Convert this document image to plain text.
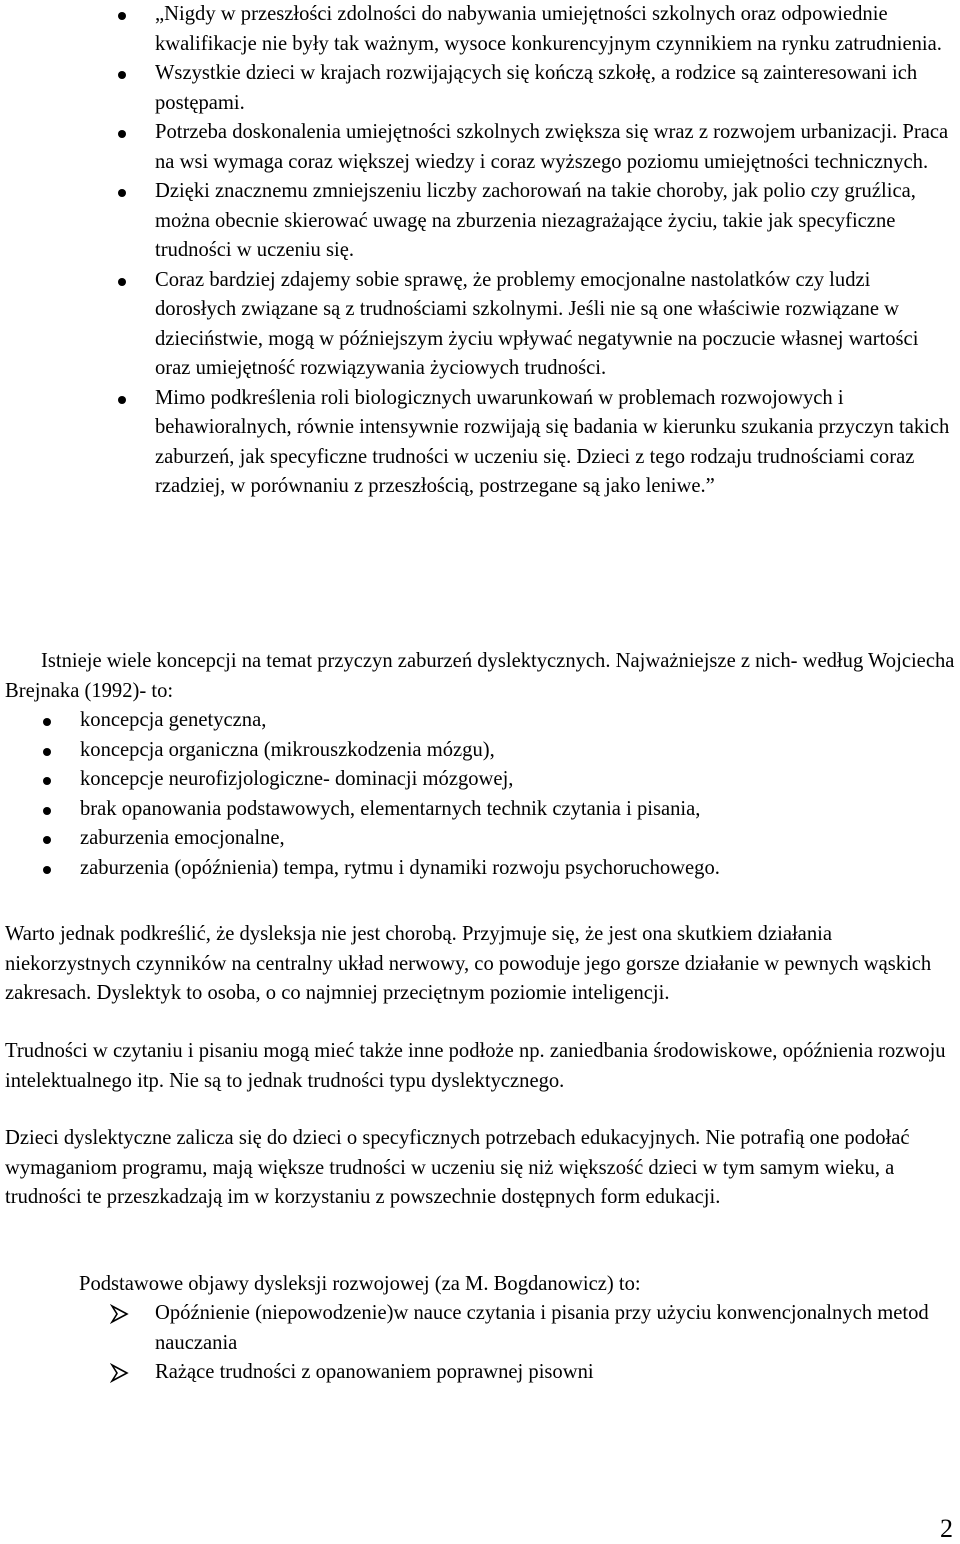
„Nigdy w przeszłości zdolności do nabywania umiejętności szkolnych oraz odpowiednie kwalifikacje nie były tak ważnym, wysoce konkurencyjnym czynnikiem na rynku zatrudnienia.
Wszystkie dzieci w krajach rozwijających się kończą szkołę, a rodzice są zainteresowani ich postępami.
Potrzeba doskonalenia umiejętności szkolnych zwiększa się wraz z rozwojem urbanizacji. Praca na wsi wymaga coraz większej wiedzy i coraz wyższego poziomu umiejętności technicznych.
Dzięki znacznemu zmniejszeniu liczby zachorowań na takie choroby, jak polio czy gruźlica, można obecnie skierować uwagę na zburzenia niezagrażające życiu, takie jak specyficzne trudności w uczeniu się.
Coraz bardziej zdajemy sobie sprawę, że problemy emocjonalne nastolatków czy ludzi dorosłych związane są z trudnościami szkolnymi. Jeśli nie są one właściwie rozwiązane w dzieciństwie, mogą w późniejszym życiu wpływać negatywnie na poczucie własnej wartości oraz umiejętność rozwiązywania życiowych trudności.
Mimo podkreślenia roli biologicznych uwarunkowań w problemach rozwojowych i behawioralnych, równie intensywnie rozwijają się badania w kierunku szukania przyczyn takich zaburzeń, jak specyficzne trudności w uczeniu się. Dzieci z tego rodzaju trudnościami coraz rzadziej, w porównaniu z przeszłością, postrzegane są jako leniwe.”

Istnieje wiele koncepcji na temat przyczyn zaburzeń dyslektycznych. Najważniejsze z nich- według Wojciecha Brejnaka (1992)- to:

koncepcja genetyczna,
koncepcja organiczna (mikrouszkodzenia mózgu),
koncepcje neurofizjologiczne- dominacji mózgowej,
brak opanowania podstawowych, elementarnych technik czytania i pisania,
zaburzenia emocjonalne,
zaburzenia (opóźnienia) tempa, rytmu i dynamiki rozwoju psychoruchowego.

Warto jednak podkreślić, że dysleksja nie jest chorobą. Przyjmuje się, że jest ona skutkiem działania niekorzystnych czynników na centralny układ nerwowy, co powoduje jego gorsze działanie w pewnych wąskich zakresach. Dyslektyk to osoba, o co najmniej przeciętnym poziomie inteligencji.

Trudności w czytaniu i pisaniu mogą mieć także inne podłoże np. zaniedbania środowiskowe, opóźnienia rozwoju intelektualnego itp. Nie są to jednak trudności typu dyslektycznego.

Dzieci dyslektyczne zalicza się do dzieci o specyficznych potrzebach edukacyjnych. Nie potrafią one podołać wymaganiom programu, mają większe trudności w uczeniu się niż większość dzieci w tym samym wieku, a trudności te przeszkadzają im w korzystaniu z powszechnie dostępnych form edukacji.

Podstawowe objawy dysleksji rozwojowej (za M. Bogdanowicz) to:

Opóźnienie (niepowodzenie)w nauce czytania i pisania przy użyciu konwencjonalnych metod nauczania
Rażące trudności z opanowaniem poprawnej pisowni
2
